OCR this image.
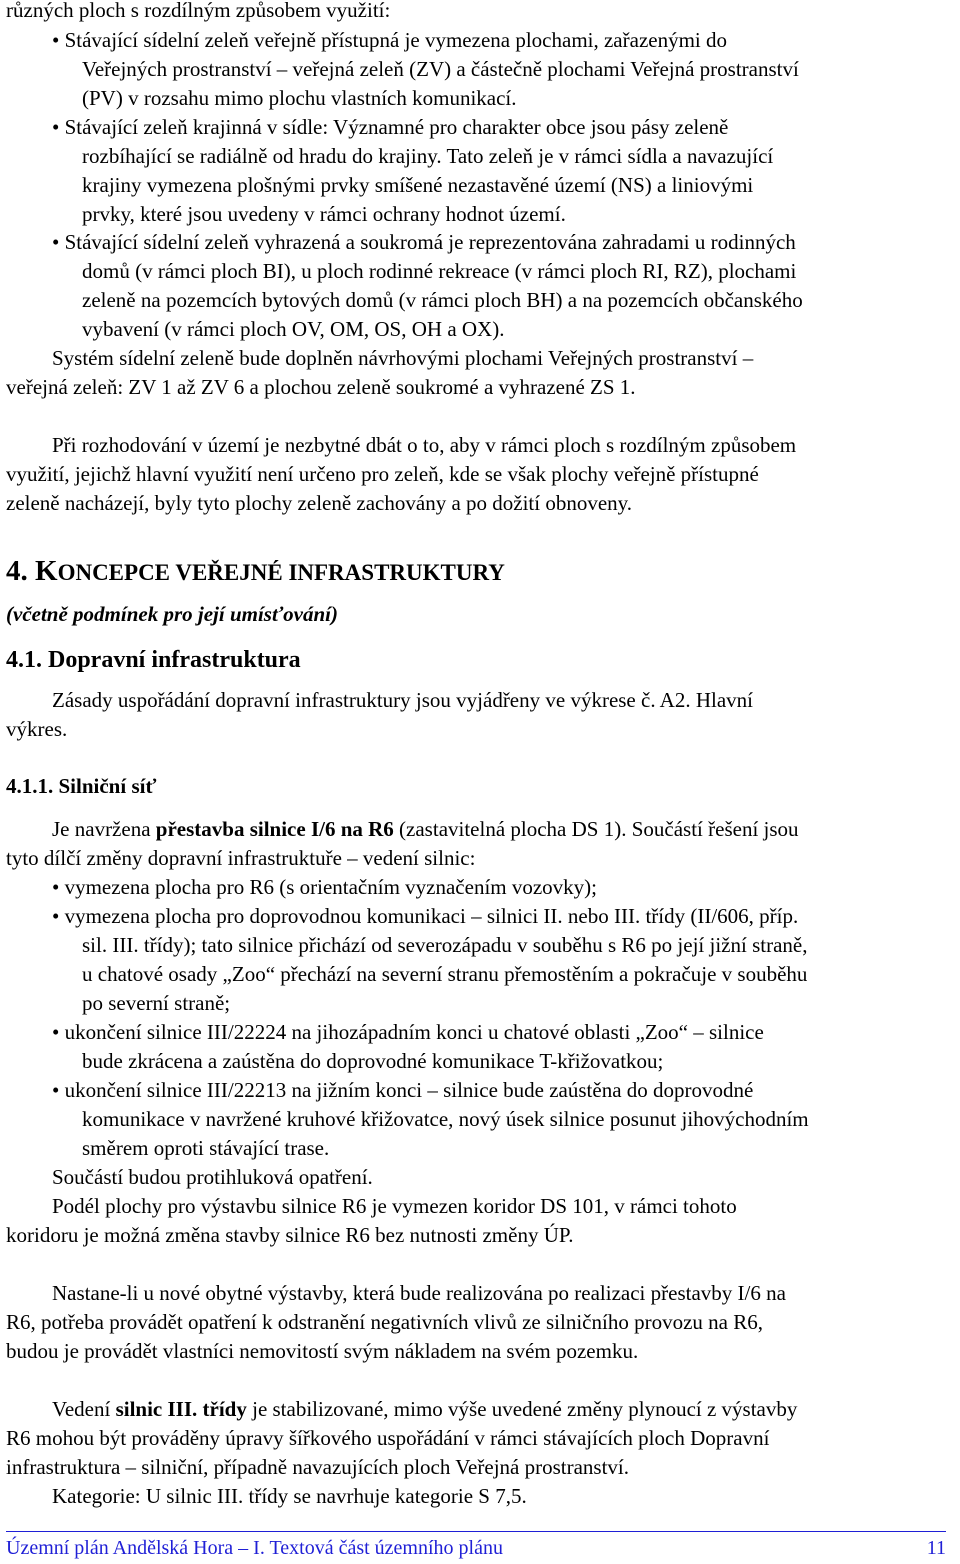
různých ploch s rozdílným způsobem využití:
• Stávající sídelní zeleň veřejně přístupná je vymezena plochami, zařazenými do
Veřejných prostranství – veřejná zeleň (ZV) a částečně plochami Veřejná prostranství
(PV) v rozsahu mimo plochu vlastních komunikací.
• Stávající zeleň krajinná v sídle: Významné pro charakter obce jsou pásy zeleně
rozbíhající se radiálně od hradu do krajiny. Tato zeleň je v rámci sídla a navazující
krajiny vymezena plošnými prvky smíšené nezastavěné území (NS) a liniovými
prvky, které jsou uvedeny v rámci ochrany hodnot území.
• Stávající sídelní zeleň vyhrazená a soukromá je reprezentována zahradami u rodinných
domů (v rámci ploch BI), u ploch rodinné rekreace (v rámci ploch RI, RZ), plochami
zeleně na pozemcích bytových domů (v rámci ploch BH) a na pozemcích občanského
vybavení (v rámci ploch OV, OM, OS, OH a OX).
Systém sídelní zeleně bude doplněn návrhovými plochami Veřejných prostranství –
veřejná zeleň: ZV 1 až ZV 6 a plochou zeleně soukromé a vyhrazené ZS 1.
Při rozhodování v území je nezbytné dbát o to, aby v rámci ploch s rozdílným způsobem
využití, jejichž hlavní využití není určeno pro zeleň, kde se však plochy veřejně přístupné
zeleně nacházejí, byly tyto plochy zeleně zachovány a po dožití obnoveny.
4. KONCEPCE VEŘEJNÉ INFRASTRUKTURY
(včetně podmínek pro její umísťování)
4.1. Dopravní infrastruktura
Zásady uspořádání dopravní infrastruktury jsou vyjádřeny ve výkrese č. A2. Hlavní
výkres.
4.1.1. Silniční síť
Je navržena přestavba silnice I/6 na R6 (zastavitelná plocha DS 1). Součástí řešení jsou
tyto dílčí změny dopravní infrastruktuře – vedení silnic:
• vymezena plocha pro R6 (s orientačním vyznačením vozovky);
• vymezena plocha pro doprovodnou komunikaci – silnici II. nebo III. třídy (II/606, příp.
sil. III. třídy); tato silnice přichází od severozápadu v souběhu s R6 po její jižní straně,
u chatové osady „Zoo“ přechází na severní stranu přemostěním a pokračuje v souběhu
po severní straně;
• ukončení silnice III/22224 na jihozápadním konci u chatové oblasti „Zoo“ – silnice
bude zkrácena a zaústěna do doprovodné komunikace T-křižovatkou;
• ukončení silnice III/22213 na jižním konci – silnice bude zaústěna do doprovodné
komunikace v navržené kruhové křižovatce, nový úsek silnice posunut jihovýchodním
směrem oproti stávající trase.
Součástí budou protihluková opatření.
Podél plochy pro výstavbu silnice R6 je vymezen koridor DS 101, v rámci tohoto
koridoru je možná změna stavby silnice R6 bez nutnosti změny ÚP.
Nastane-li u nové obytné výstavby, která bude realizována po realizaci přestavby I/6 na
R6, potřeba provádět opatření k odstranění negativních vlivů ze silničního provozu na R6,
budou je provádět vlastníci nemovitostí svým nákladem na svém pozemku.
Vedení silnic III. třídy je stabilizované, mimo výše uvedené změny plynoucí z výstavby
R6 mohou být prováděny úpravy šířkového uspořádání v rámci stávajících ploch Dopravní
infrastruktura – silniční, případně navazujících ploch Veřejná prostranství.
Kategorie: U silnic III. třídy se navrhuje kategorie S 7,5.
Územní plán Andělská Hora – I. Textová část územního plánu	11
